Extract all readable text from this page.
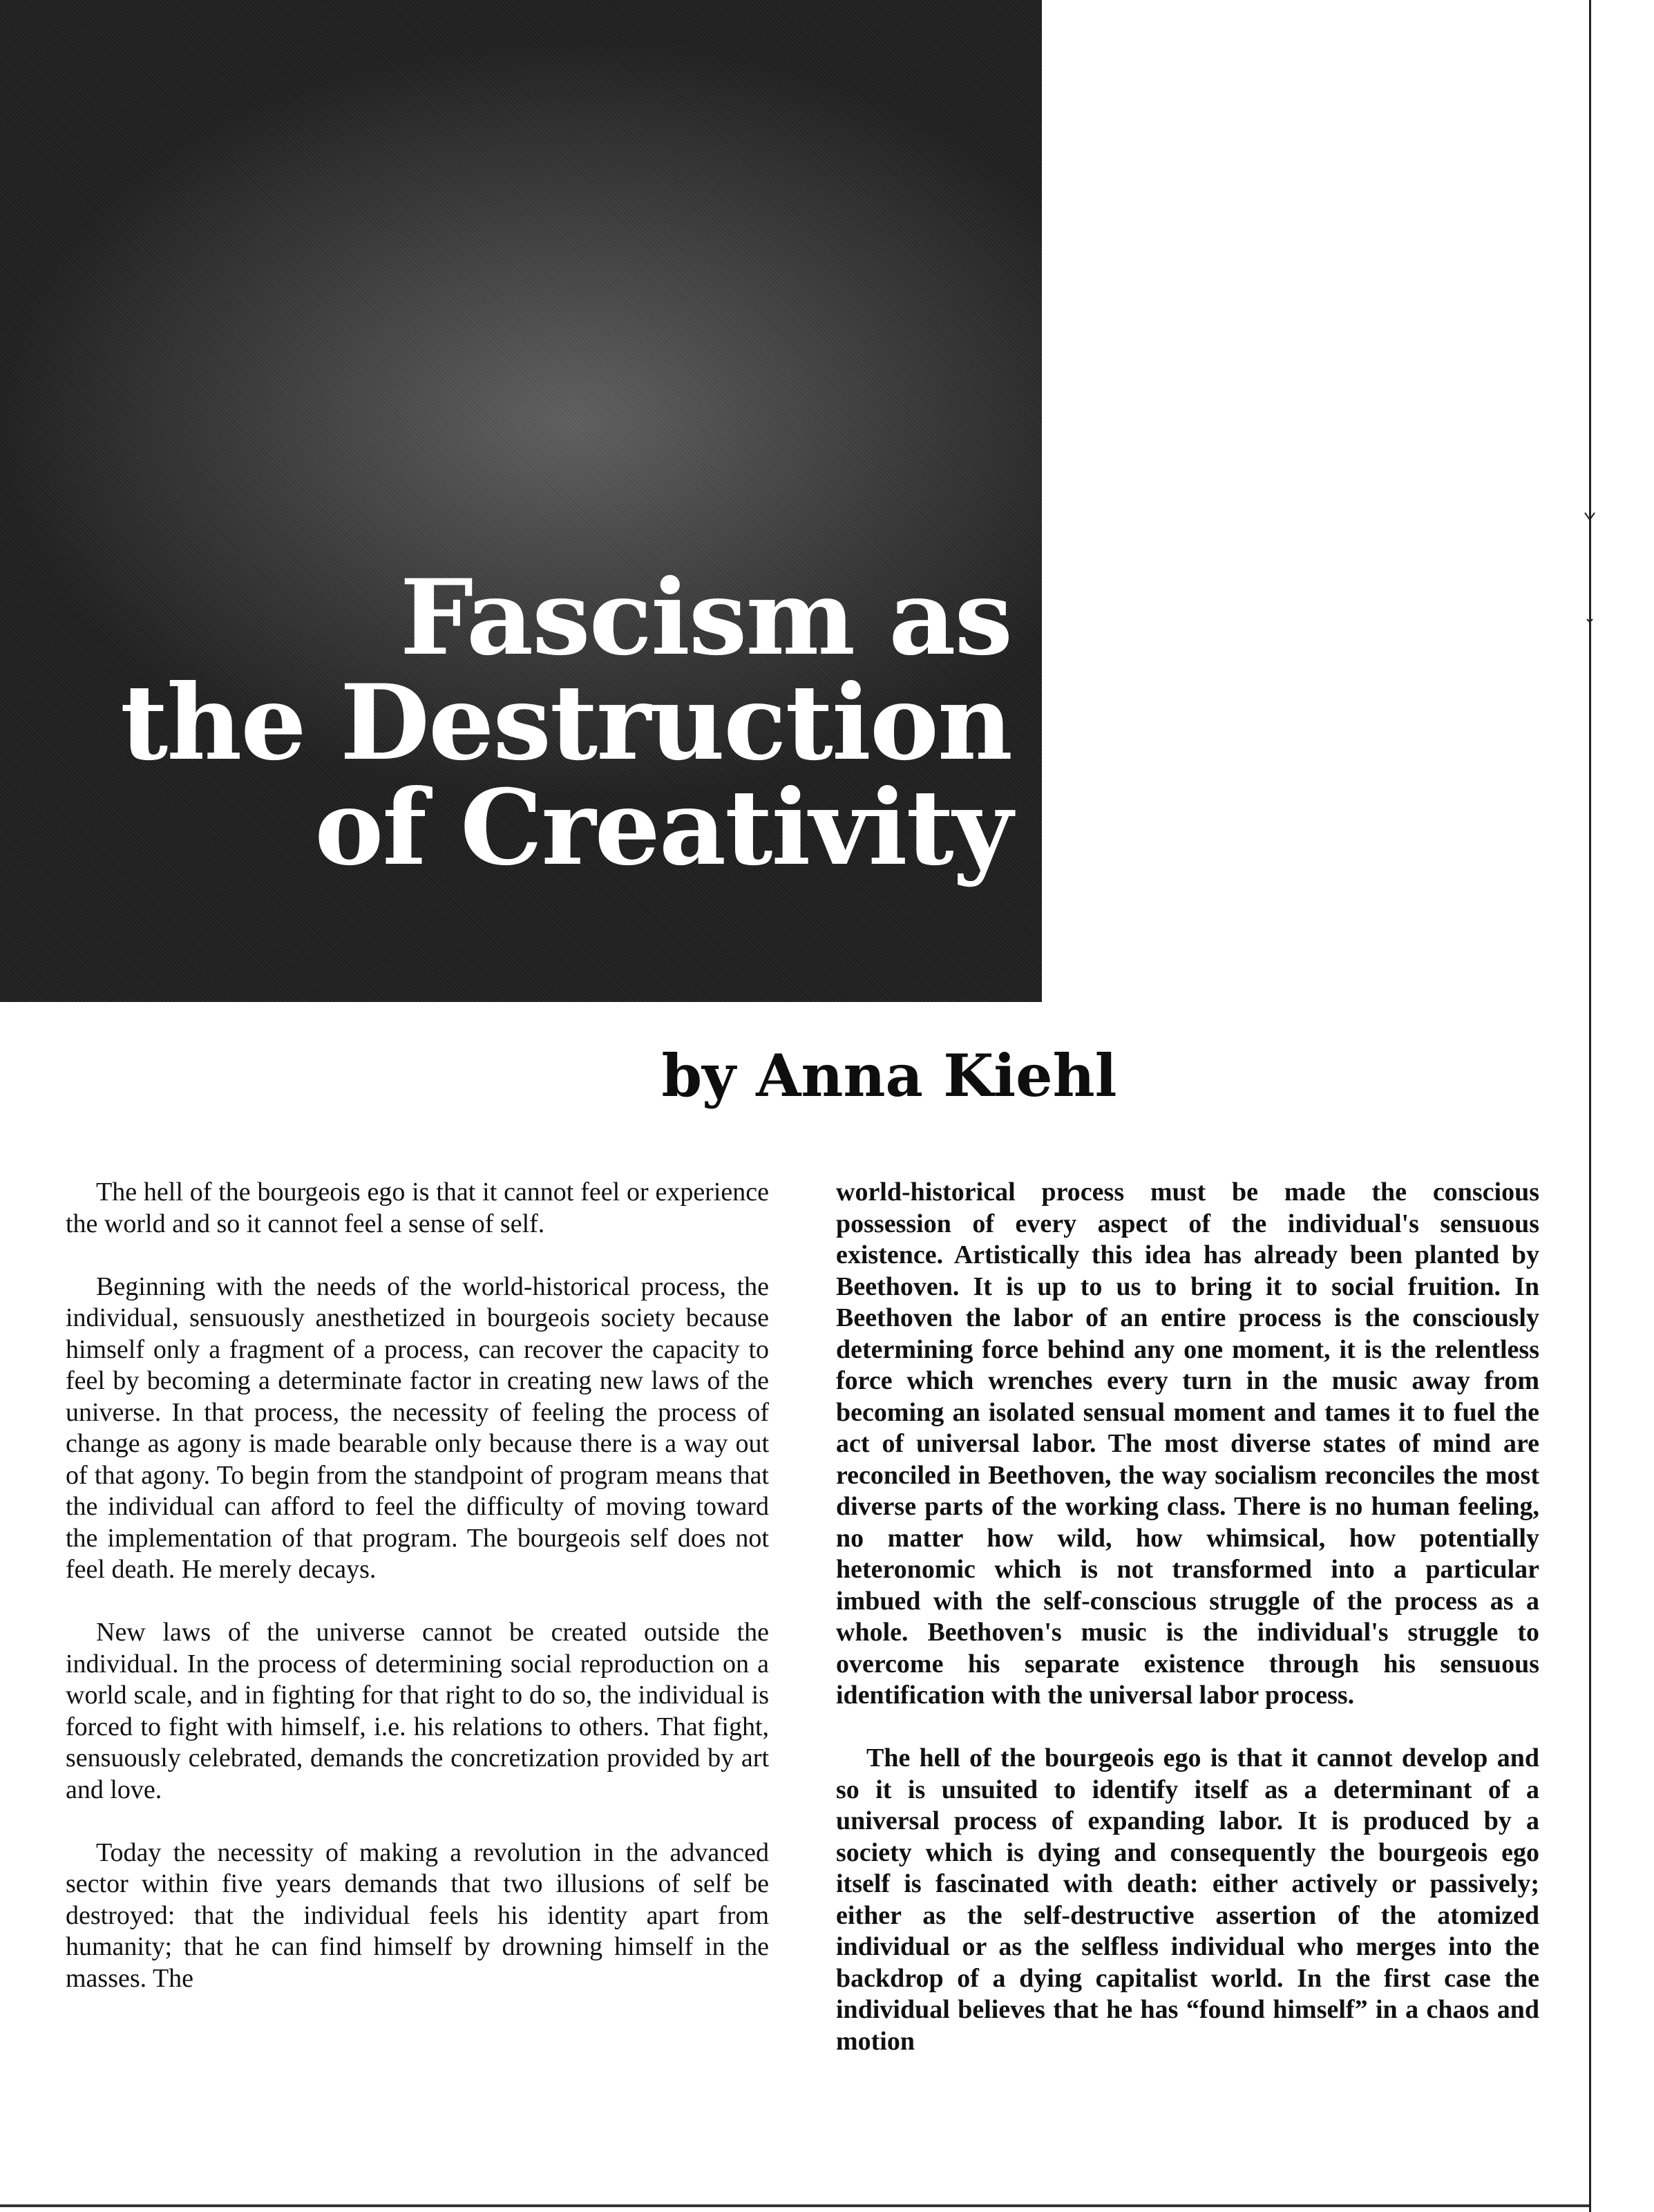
Fascism as
the Destruction
of Creativity
by Anna Kiehl

The hell of the bourgeois ego is that it cannot feel or experience the world and so it cannot feel a sense of self.

Beginning with the needs of the world-historical process, the individual, sensuously anesthetized in bourgeois society because himself only a fragment of a process, can recover the capacity to feel by becoming a determinate factor in creating new laws of the universe. In that process, the necessity of feeling the process of change as agony is made bearable only because there is a way out of that agony. To begin from the standpoint of program means that the individual can afford to feel the difficulty of moving toward the implementation of that program. The bourgeois self does not feel death. He merely decays.

New laws of the universe cannot be created outside the individual. In the process of determining social reproduction on a world scale, and in fighting for that right to do so, the individual is forced to fight with himself, i.e. his relations to others. That fight, sensuously celebrated, demands the concretization provided by art and love.

Today the necessity of making a revolution in the advanced sector within five years demands that two illusions of self be destroyed: that the individual feels his identity apart from humanity; that he can find himself by drowning himself in the masses. The

world-historical process must be made the conscious possession of every aspect of the individual's sensuous existence. Artistically this idea has already been planted by Beethoven. It is up to us to bring it to social fruition. In Beethoven the labor of an entire process is the consciously determining force behind any one moment, it is the relentless force which wrenches every turn in the music away from becoming an isolated sensual moment and tames it to fuel the act of universal labor. The most diverse states of mind are reconciled in Beethoven, the way socialism reconciles the most diverse parts of the working class. There is no human feeling, no matter how wild, how whimsical, how potentially heteronomic which is not transformed into a particular imbued with the self-conscious struggle of the process as a whole. Beethoven's music is the individual's struggle to overcome his separate existence through his sensuous identification with the universal labor process.

The hell of the bourgeois ego is that it cannot develop and so it is unsuited to identify itself as a determinant of a universal process of expanding labor. It is produced by a society which is dying and consequently the bourgeois ego itself is fascinated with death: either actively or passively; either as the self-destructive assertion of the atomized individual or as the selfless individual who merges into the backdrop of a dying capitalist world. In the first case the individual believes that he has “found himself” in a chaos and motion
